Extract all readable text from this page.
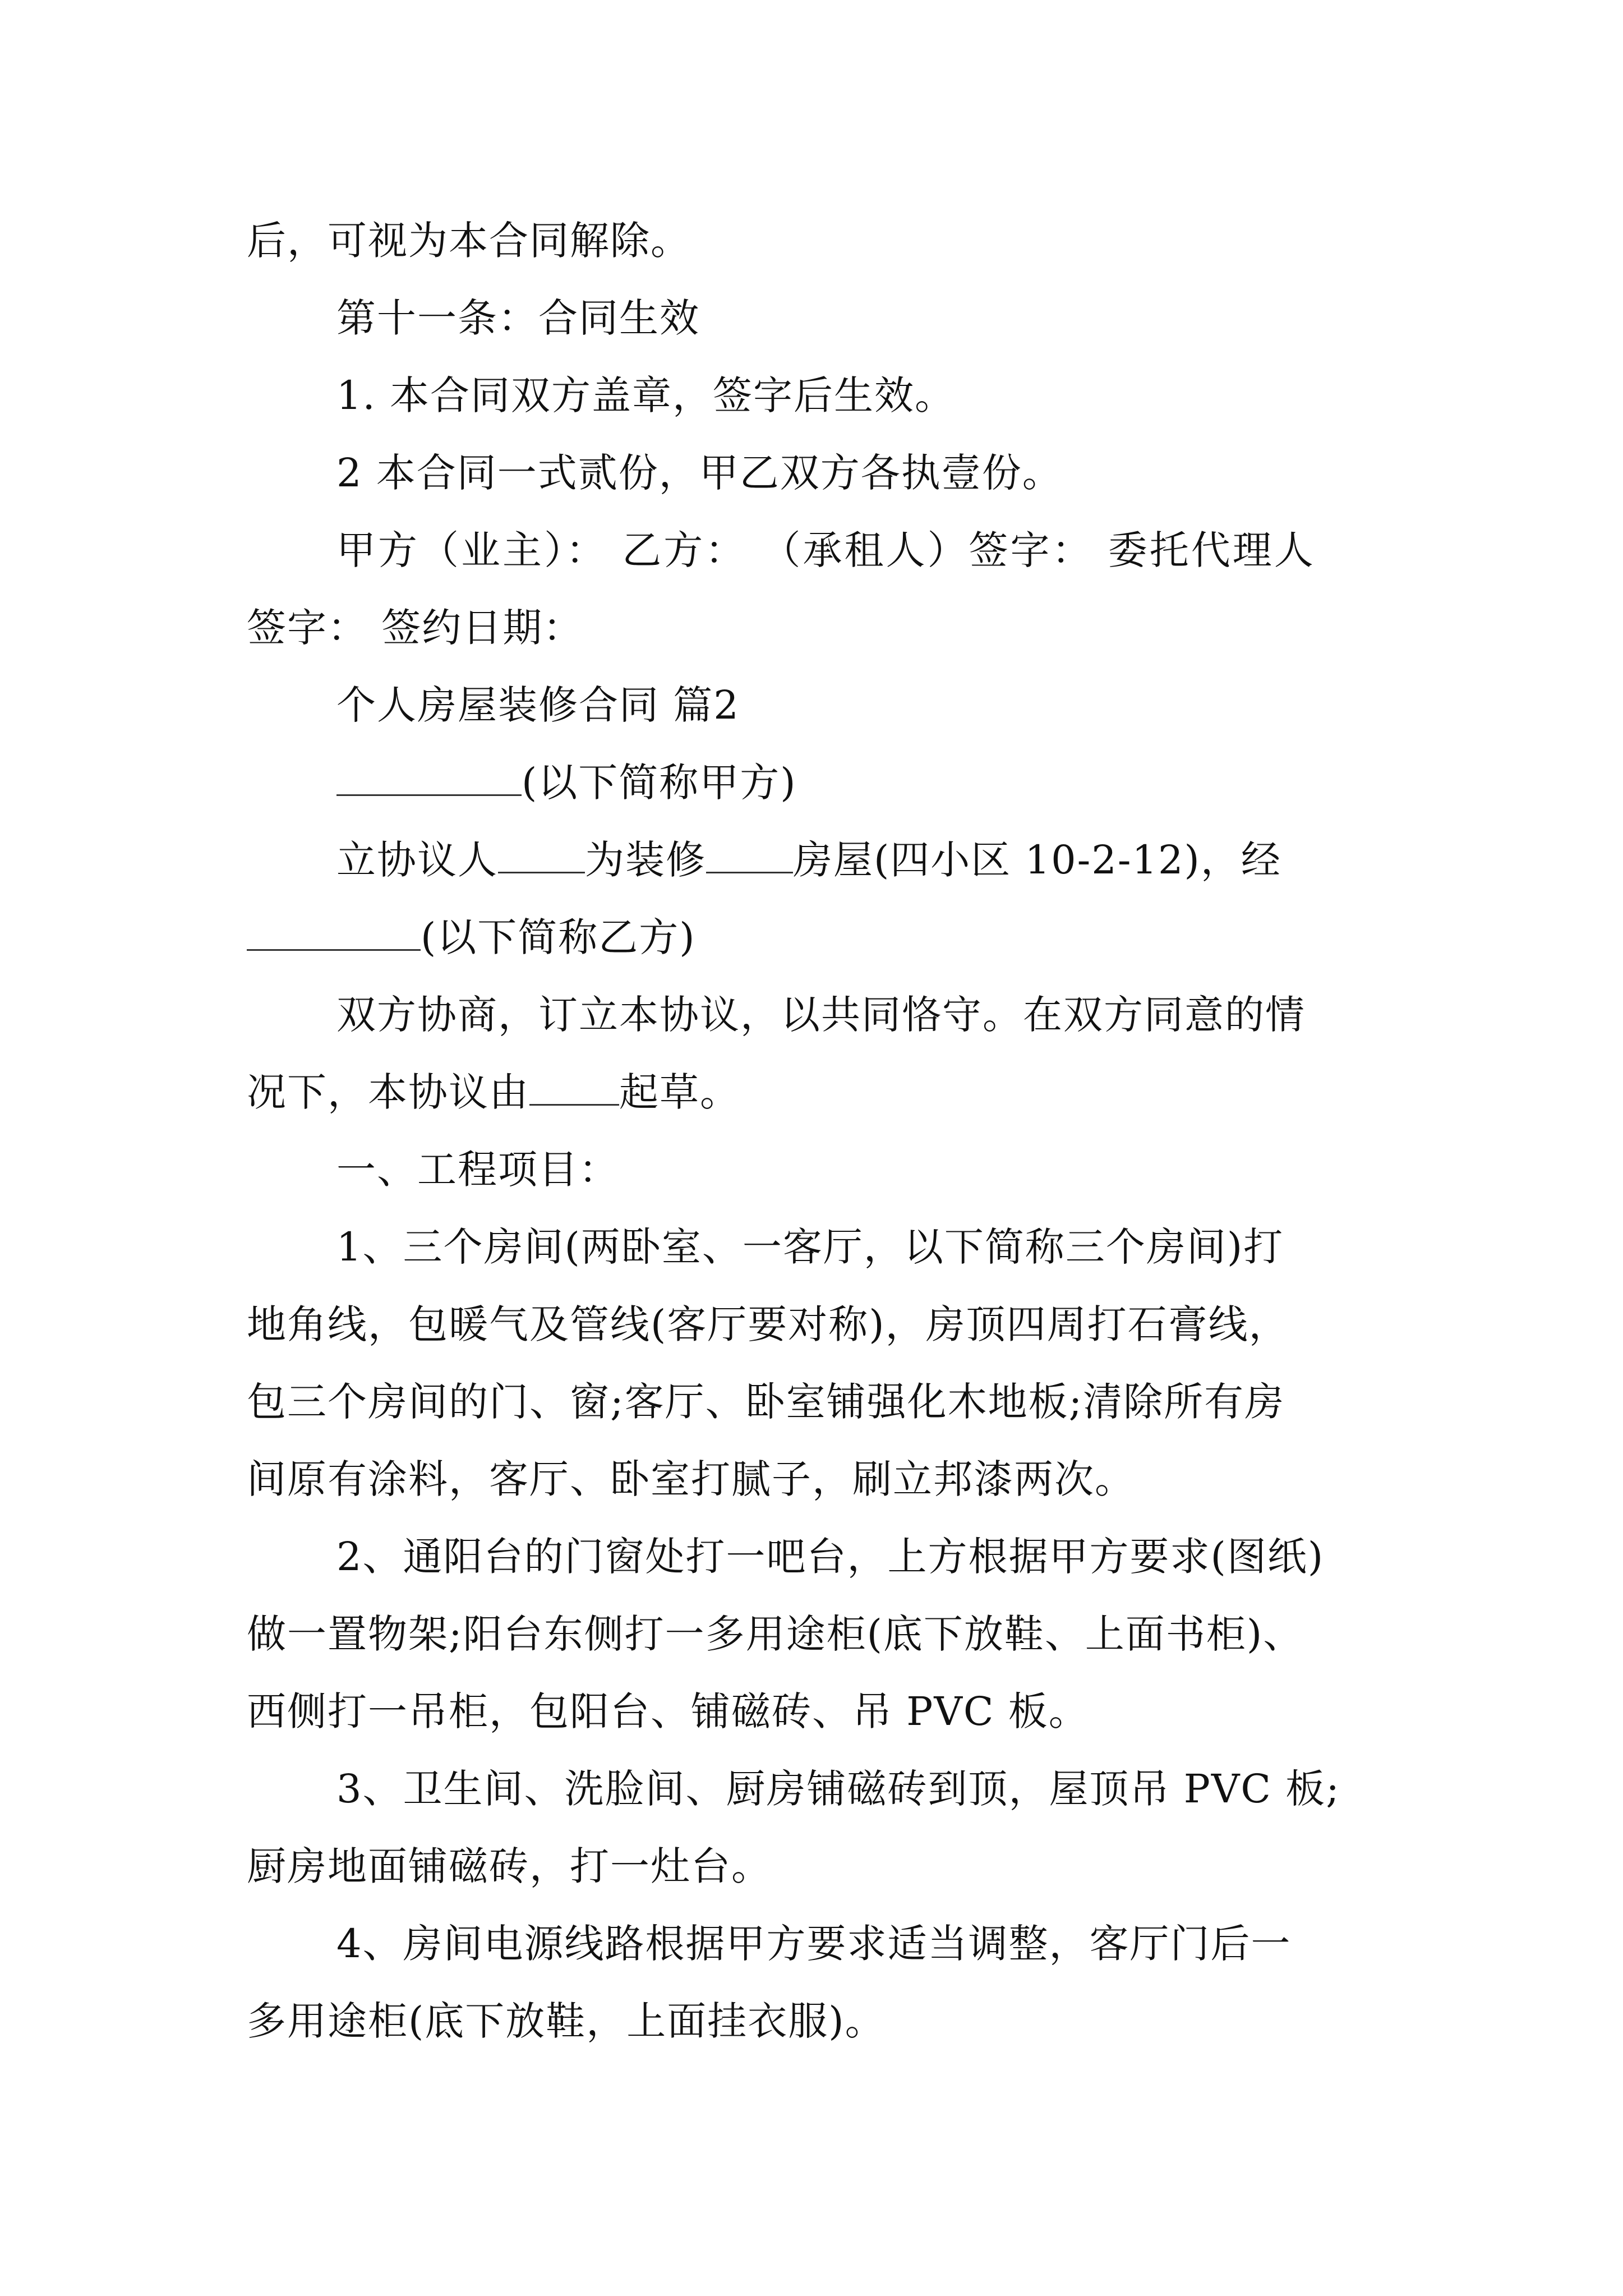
后，可视为本合同解除。

第十一条：合同生效

1. 本合同双方盖章，签字后生效。

2 本合同一式贰份，甲乙双方各执壹份。

甲方（业主）： 乙方： （承租人）签字： 委托代理人

签字： 签约日期：

个人房屋装修合同 篇2

(以下简称甲方)

立协议人 为装修 房屋(四小区 10-2-12)，经

(以下简称乙方)

双方协商，订立本协议，以共同恪守。在双方同意的情

况下，本协议由 起草。

一、工程项目：

1、三个房间(两卧室、一客厅，以下简称三个房间)打

地角线，包暖气及管线(客厅要对称)，房顶四周打石膏线，

包三个房间的门、窗;客厅、卧室铺强化木地板;清除所有房

间原有涂料，客厅、卧室打腻子，刷立邦漆两次。

2、通阳台的门窗处打一吧台，上方根据甲方要求(图纸)

做一置物架;阳台东侧打一多用途柜(底下放鞋、上面书柜)、

西侧打一吊柜，包阳台、铺磁砖、吊 PVC 板。

3、卫生间、洗脸间、厨房铺磁砖到顶，屋顶吊 PVC 板;

厨房地面铺磁砖，打一灶台。

4、房间电源线路根据甲方要求适当调整，客厅门后一

多用途柜(底下放鞋，上面挂衣服)。
